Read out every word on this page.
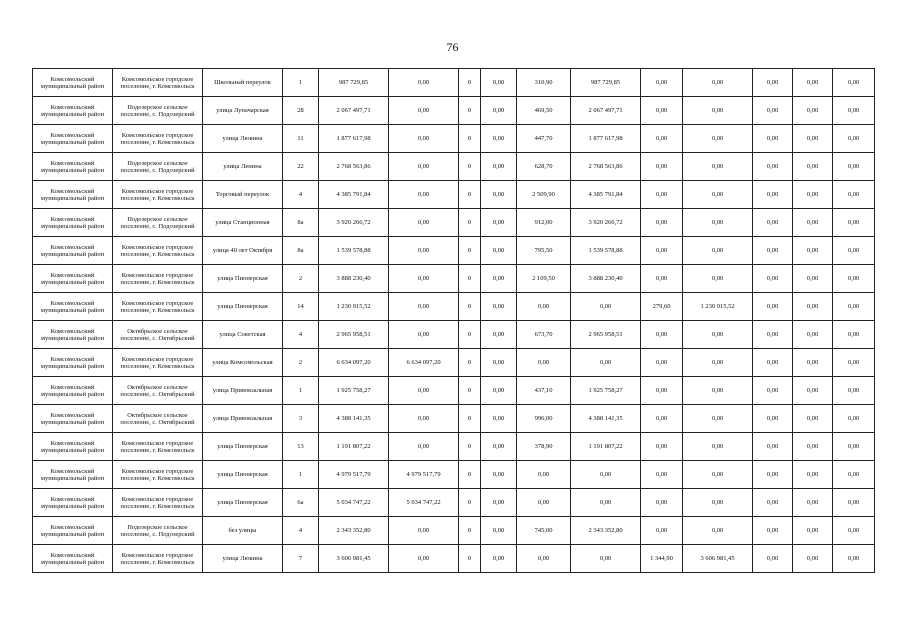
76
Комсомольский муниципальный район	Комсомольское городское поселение, г. Комсомольск	Школьный переулок	1	987 729,85	0,00	0	0,00	310,90	987 729,85	0,00	0,00	0,00	0,00	0,00
Комсомольский муниципальный район	Подозерское сельское поселение, с. Подозерский	улица Луначарская	28	2 067 497,71	0,00	0	0,00	469,50	2 067 497,71	0,00	0,00	0,00	0,00	0,00
Комсомольский муниципальный район	Комсомольское городское поселение, г. Комсомольск	улица Люкина	11	1 877 617,98	0,00	0	0,00	447,70	1 877 617,98	0,00	0,00	0,00	0,00	0,00
Комсомольский муниципальный район	Подозерское сельское поселение, с. Подозерский	улица Ленина	22	2 768 563,86	0,00	0	0,00	628,70	2 768 563,86	0,00	0,00	0,00	0,00	0,00
Комсомольский муниципальный район	Комсомольское городское поселение, г. Комсомольск	Торговый переулок	4	4 385 791,84	0,00	0	0,00	2 509,90	4 385 791,84	0,00	0,00	0,00	0,00	0,00
Комсомольский муниципальный район	Подозерское сельское поселение, с. Подозерский	улица Станционная	8а	3 920 266,72	0,00	0	0,00	912,00	3 920 266,72	0,00	0,00	0,00	0,00	0,00
Комсомольский муниципальный район	Комсомольское городское поселение, г. Комсомольск	улица 40 лет Октября	8а	1 539 578,88	0,00	0	0,00	795,50	1 539 578,88	0,00	0,00	0,00	0,00	0,00
Комсомольский муниципальный район	Комсомольское городское поселение, г. Комсомольск	улица Пионерская	2	3 888 230,40	0,00	0	0,00	2 109,50	3 888 230,40	0,00	0,00	0,00	0,00	0,00
Комсомольский муниципальный район	Комсомольское городское поселение, г. Комсомольск	улица Пионерская	14	1 230 915,52	0,00	0	0,00	0,00	0,00	279,60	1 230 915,52	0,00	0,00	0,00
Комсомольский муниципальный район	Октябрьское сельское поселение, с. Октябрьский	улица Советская	4	2 965 958,51	0,00	0	0,00	673,70	2 965 958,51	0,00	0,00	0,00	0,00	0,00
Комсомольский муниципальный район	Комсомольское городское поселение, г. Комсомольск	улица Комсомольская	2	6 634 097,20	6 634 097,20	0	0,00	0,00	0,00	0,00	0,00	0,00	0,00	0,00
Комсомольский муниципальный район	Октябрьское сельское поселение, с. Октябрьский	улица Привокзальная	1	1 925 758,27	0,00	0	0,00	437,10	1 925 758,27	0,00	0,00	0,00	0,00	0,00
Комсомольский муниципальный район	Октябрьское сельское поселение, с. Октябрьский	улица Привокзальная	3	4 388 141,35	0,00	0	0,00	996,00	4 388 141,35	0,00	0,00	0,00	0,00	0,00
Комсомольский муниципальный район	Комсомольское городское поселение, г. Комсомольск	улица Пионерская	13	1 191 807,22	0,00	0	0,00	378,90	1 191 807,22	0,00	0,00	0,00	0,00	0,00
Комсомольский муниципальный район	Комсомольское городское поселение, г. Комсомольск	улица Пионерская	1	4 979 517,79	4 979 517,79	0	0,00	0,00	0,00	0,00	0,00	0,00	0,00	0,00
Комсомольский муниципальный район	Комсомольское городское поселение, г. Комсомольск	улица Пионерская	6а	5 034 747,22	5 034 747,22	0	0,00	0,00	0,00	0,00	0,00	0,00	0,00	0,00
Комсомольский муниципальный район	Подозерское сельское поселение, с. Подозерский	без улицы	4	2 343 352,80	0,00	0	0,00	745,00	2 343 352,80	0,00	0,00	0,00	0,00	0,00
Комсомольский муниципальный район	Комсомольское городское поселение, г. Комсомольск	улица Люкина	7	3 606 981,45	0,00	0	0,00	0,00	0,00	1 344,90	3 606 981,45	0,00	0,00	0,00
